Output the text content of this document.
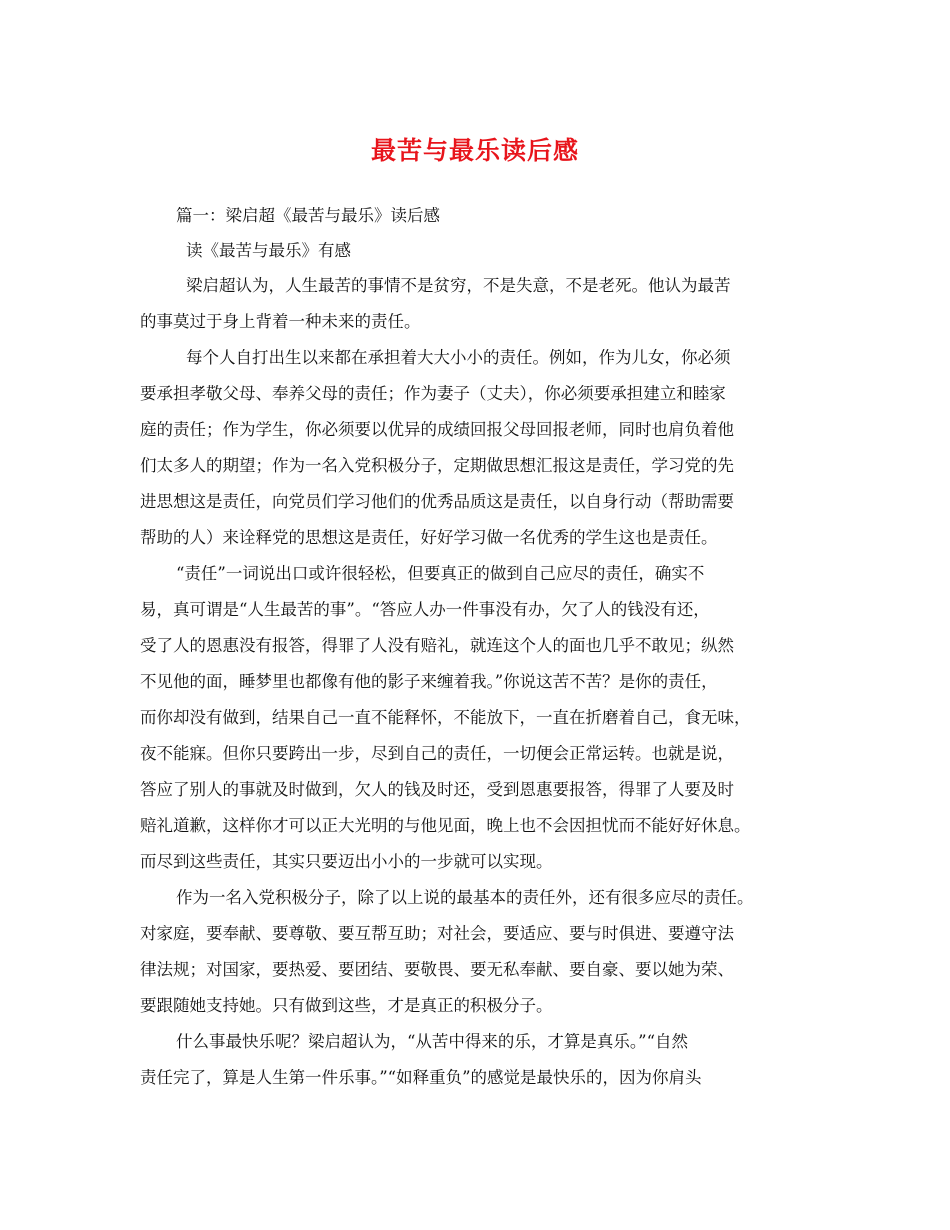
最苦与最乐读后感

篇一：梁启超《最苦与最乐》读后感

读《最苦与最乐》有感

梁启超认为，人生最苦的事情不是贫穷，不是失意，不是老死。他认为最苦

的事莫过于身上背着一种未来的责任。

每个人自打出生以来都在承担着大大小小的责任。例如，作为儿女，你必须

要承担孝敬父母、奉养父母的责任；作为妻子（丈夫），你必须要承担建立和睦家

庭的责任；作为学生，你必须要以优异的成绩回报父母回报老师，同时也肩负着他

们太多人的期望；作为一名入党积极分子，定期做思想汇报这是责任，学习党的先

进思想这是责任，向党员们学习他们的优秀品质这是责任，以自身行动（帮助需要

帮助的人）来诠释党的思想这是责任，好好学习做一名优秀的学生这也是责任。

“责任”一词说出口或许很轻松，但要真正的做到自己应尽的责任，确实不

易，真可谓是“人生最苦的事”。“答应人办一件事没有办，欠了人的钱没有还，

受了人的恩惠没有报答，得罪了人没有赔礼，就连这个人的面也几乎不敢见；纵然

不见他的面，睡梦里也都像有他的影子来缠着我。”你说这苦不苦？是你的责任，

而你却没有做到，结果自己一直不能释怀，不能放下，一直在折磨着自己，食无味，

夜不能寐。但你只要跨出一步，尽到自己的责任，一切便会正常运转。也就是说，

答应了别人的事就及时做到，欠人的钱及时还，受到恩惠要报答，得罪了人要及时

赔礼道歉，这样你才可以正大光明的与他见面，晚上也不会因担忧而不能好好休息。

而尽到这些责任，其实只要迈出小小的一步就可以实现。

作为一名入党积极分子，除了以上说的最基本的责任外，还有很多应尽的责任。

对家庭，要奉献、要尊敬、要互帮互助；对社会，要适应、要与时俱进、要遵守法

律法规；对国家，要热爱、要团结、要敬畏、要无私奉献、要自豪、要以她为荣、

要跟随她支持她。只有做到这些，才是真正的积极分子。

什么事最快乐呢？梁启超认为，“从苦中得来的乐，才算是真乐。”“自然

责任完了，算是人生第一件乐事。”“如释重负”的感觉是最快乐的，因为你肩头
